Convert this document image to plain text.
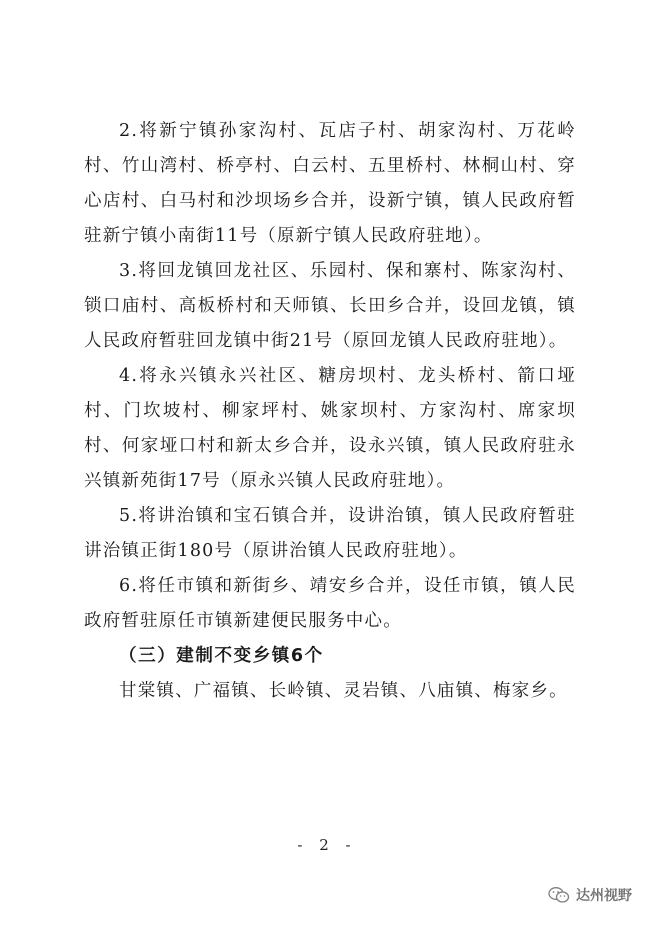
2.将新宁镇孙家沟村、瓦店子村、胡家沟村、万花岭村、竹山湾村、桥亭村、白云村、五里桥村、林桐山村、穿心店村、白马村和沙坝场乡合并，设新宁镇，镇人民政府暂驻新宁镇小南街11号（原新宁镇人民政府驻地）。

3.将回龙镇回龙社区、乐园村、保和寨村、陈家沟村、锁口庙村、高板桥村和天师镇、长田乡合并，设回龙镇，镇人民政府暂驻回龙镇中街21号（原回龙镇人民政府驻地）。

4.将永兴镇永兴社区、糖房坝村、龙头桥村、箭口垭村、门坎坡村、柳家坪村、姚家坝村、方家沟村、席家坝村、何家垭口村和新太乡合并，设永兴镇，镇人民政府驻永兴镇新苑街17号（原永兴镇人民政府驻地）。

5.将讲治镇和宝石镇合并，设讲治镇，镇人民政府暂驻讲治镇正街180号（原讲治镇人民政府驻地）。

6.将任市镇和新街乡、靖安乡合并，设任市镇，镇人民政府暂驻原任市镇新建便民服务中心。

（三）建制不变乡镇6个

甘棠镇、广福镇、长岭镇、灵岩镇、八庙镇、梅家乡。

- 2 -
达州视野
